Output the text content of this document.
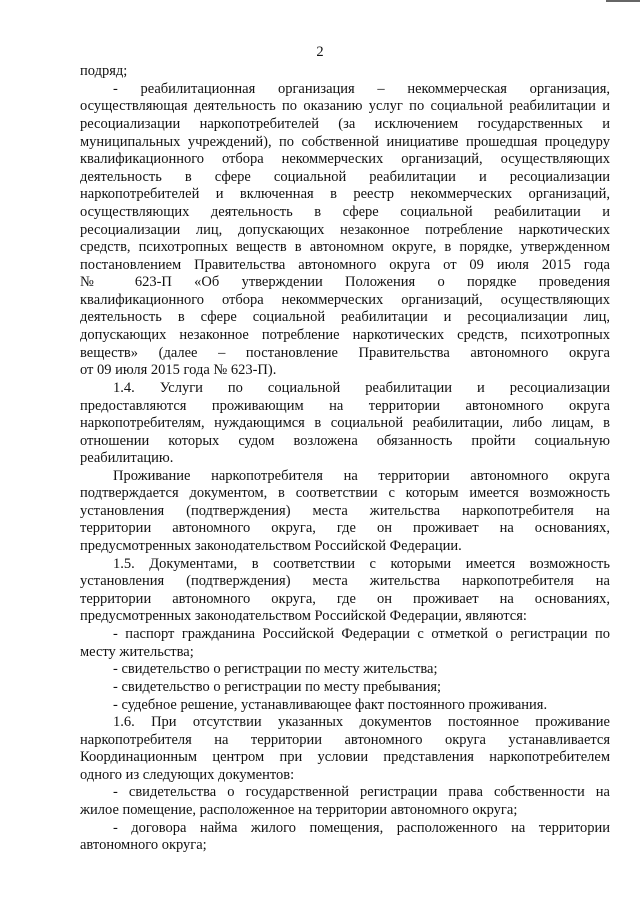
2
подряд;
- реабилитационная организация – некоммерческая организация,
осуществляющая деятельность по оказанию услуг по социальной реабилитации и
ресоциализации наркопотребителей (за исключением государственных и
муниципальных учреждений), по собственной инициативе прошедшая процедуру
квалификационного отбора некоммерческих организаций, осуществляющих
деятельность в сфере социальной реабилитации и ресоциализации
наркопотребителей и включенная в реестр некоммерческих организаций,
осуществляющих деятельность в сфере социальной реабилитации и
ресоциализации лиц, допускающих незаконное потребление наркотических
средств, психотропных веществ в автономном округе, в порядке, утвержденном
постановлением Правительства автономного округа от 09 июля 2015 года
№ 623-П «Об утверждении Положения о порядке проведения
квалификационного отбора некоммерческих организаций, осуществляющих
деятельность в сфере социальной реабилитации и ресоциализации лиц,
допускающих незаконное потребление наркотических средств, психотропных
веществ» (далее – постановление Правительства автономного округа
от 09 июля 2015 года № 623-П).
1.4. Услуги по социальной реабилитации и ресоциализации
предоставляются проживающим на территории автономного округа
наркопотребителям, нуждающимся в социальной реабилитации, либо лицам, в
отношении которых судом возложена обязанность пройти социальную
реабилитацию.
Проживание наркопотребителя на территории автономного округа
подтверждается документом, в соответствии с которым имеется возможность
установления (подтверждения) места жительства наркопотребителя на
территории автономного округа, где он проживает на основаниях,
предусмотренных законодательством Российской Федерации.
1.5. Документами, в соответствии с которыми имеется возможность
установления (подтверждения) места жительства наркопотребителя на
территории автономного округа, где он проживает на основаниях,
предусмотренных законодательством Российской Федерации, являются:
- паспорт гражданина Российской Федерации с отметкой о регистрации по
месту жительства;
- свидетельство о регистрации по месту жительства;
- свидетельство о регистрации по месту пребывания;
- судебное решение, устанавливающее факт постоянного проживания.
1.6. При отсутствии указанных документов постоянное проживание
наркопотребителя на территории автономного округа устанавливается
Координационным центром при условии представления наркопотребителем
одного из следующих документов:
- свидетельства о государственной регистрации права собственности на
жилое помещение, расположенное на территории автономного округа;
- договора найма жилого помещения, расположенного на территории
автономного округа;
